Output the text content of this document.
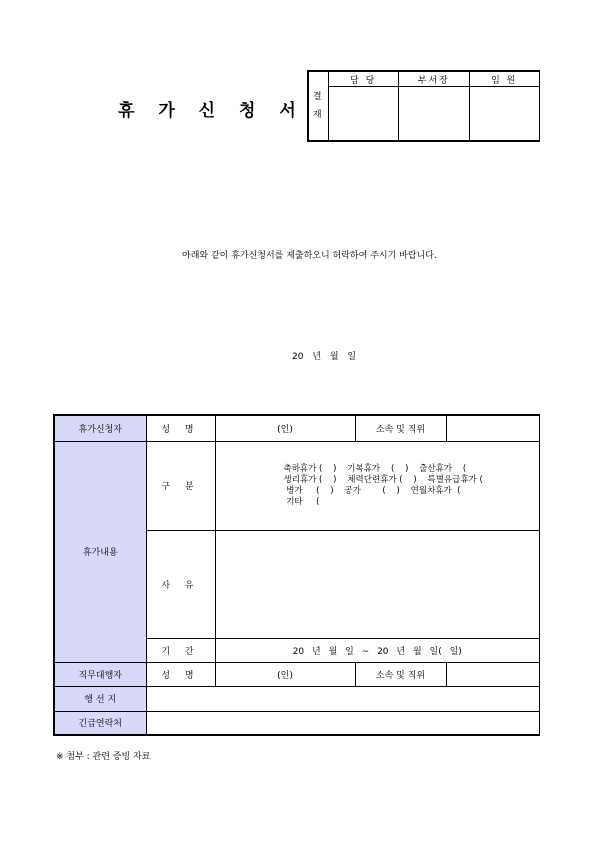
휴 가 신 청 서
결
재	담 당	부서장	임 원

아래와 같이 휴가신청서를 제출하오니 허락하여 주시기 바랍니다.
20 년 월 일
휴가신청자	성 명	(인)	소속 및 직위	
휴가내용	구 분	축하휴가 (    )    기복휴가    (    )    출산휴가    (
생리휴가 (    )    체력단련휴가 (    )    특별유급휴가 (
병가     (    )    공가        (    )    연월차휴가  (
기타     (		

	사 유			
	기 간	20 년 월 일 ~ 20 년 월 일( 일)		
직무대행자	성 명	(인)	소속 및 직위	
행 선 지				
긴급연락처				
※ 첨부 : 관련 증빙 자료
